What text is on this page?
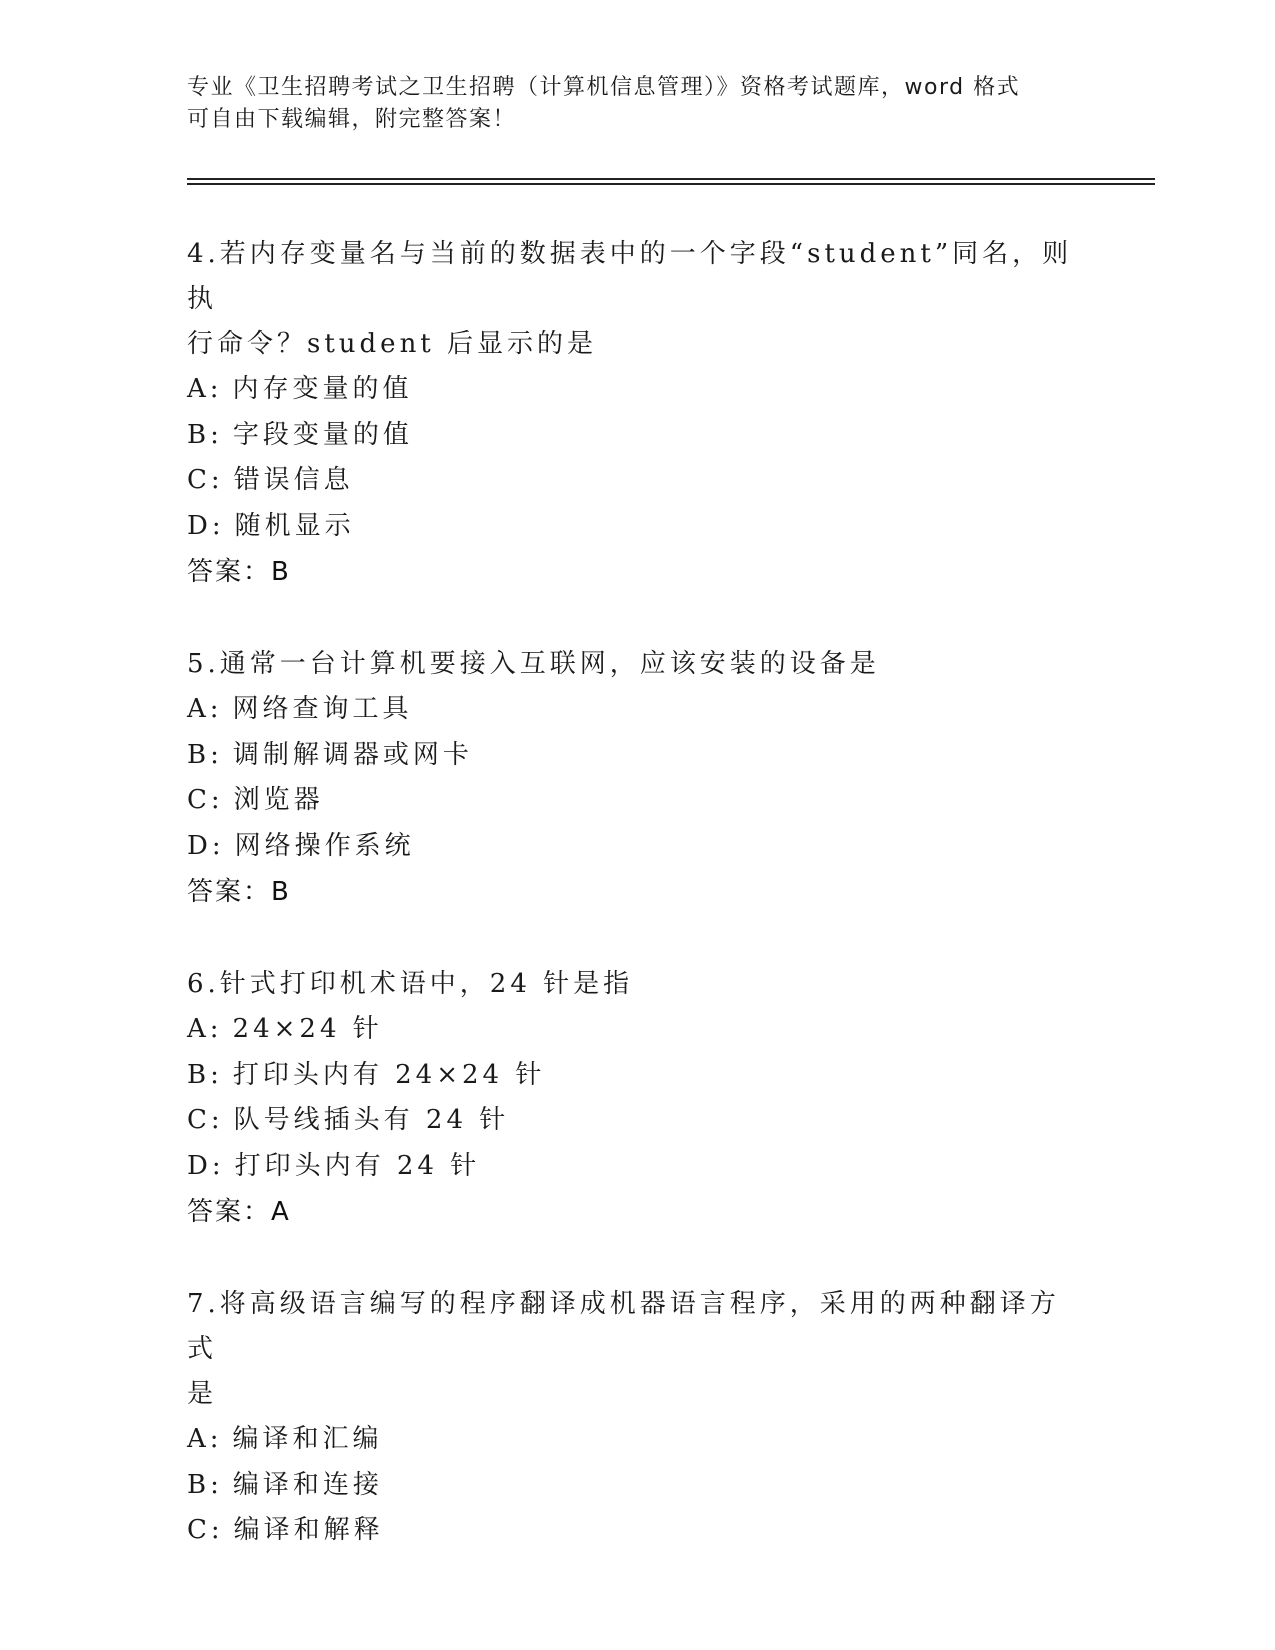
专业《卫生招聘考试之卫生招聘（计算机信息管理）》资格考试题库，word 格式
可自由下载编辑，附完整答案！

4.若内存变量名与当前的数据表中的一个字段“student”同名，则执

行命令？student 后显示的是

A: 内存变量的值

B: 字段变量的值

C: 错误信息

D: 随机显示

答案：B

5.通常一台计算机要接入互联网，应该安装的设备是

A: 网络查询工具

B: 调制解调器或网卡

C: 浏览器

D: 网络操作系统

答案：B

6.针式打印机术语中，24 针是指

A: 24×24 针

B: 打印头内有 24×24 针

C: 队号线插头有 24 针

D: 打印头内有 24 针

答案：A

7.将高级语言编写的程序翻译成机器语言程序，采用的两种翻译方式

是

A: 编译和汇编

B: 编译和连接

C: 编译和解释
